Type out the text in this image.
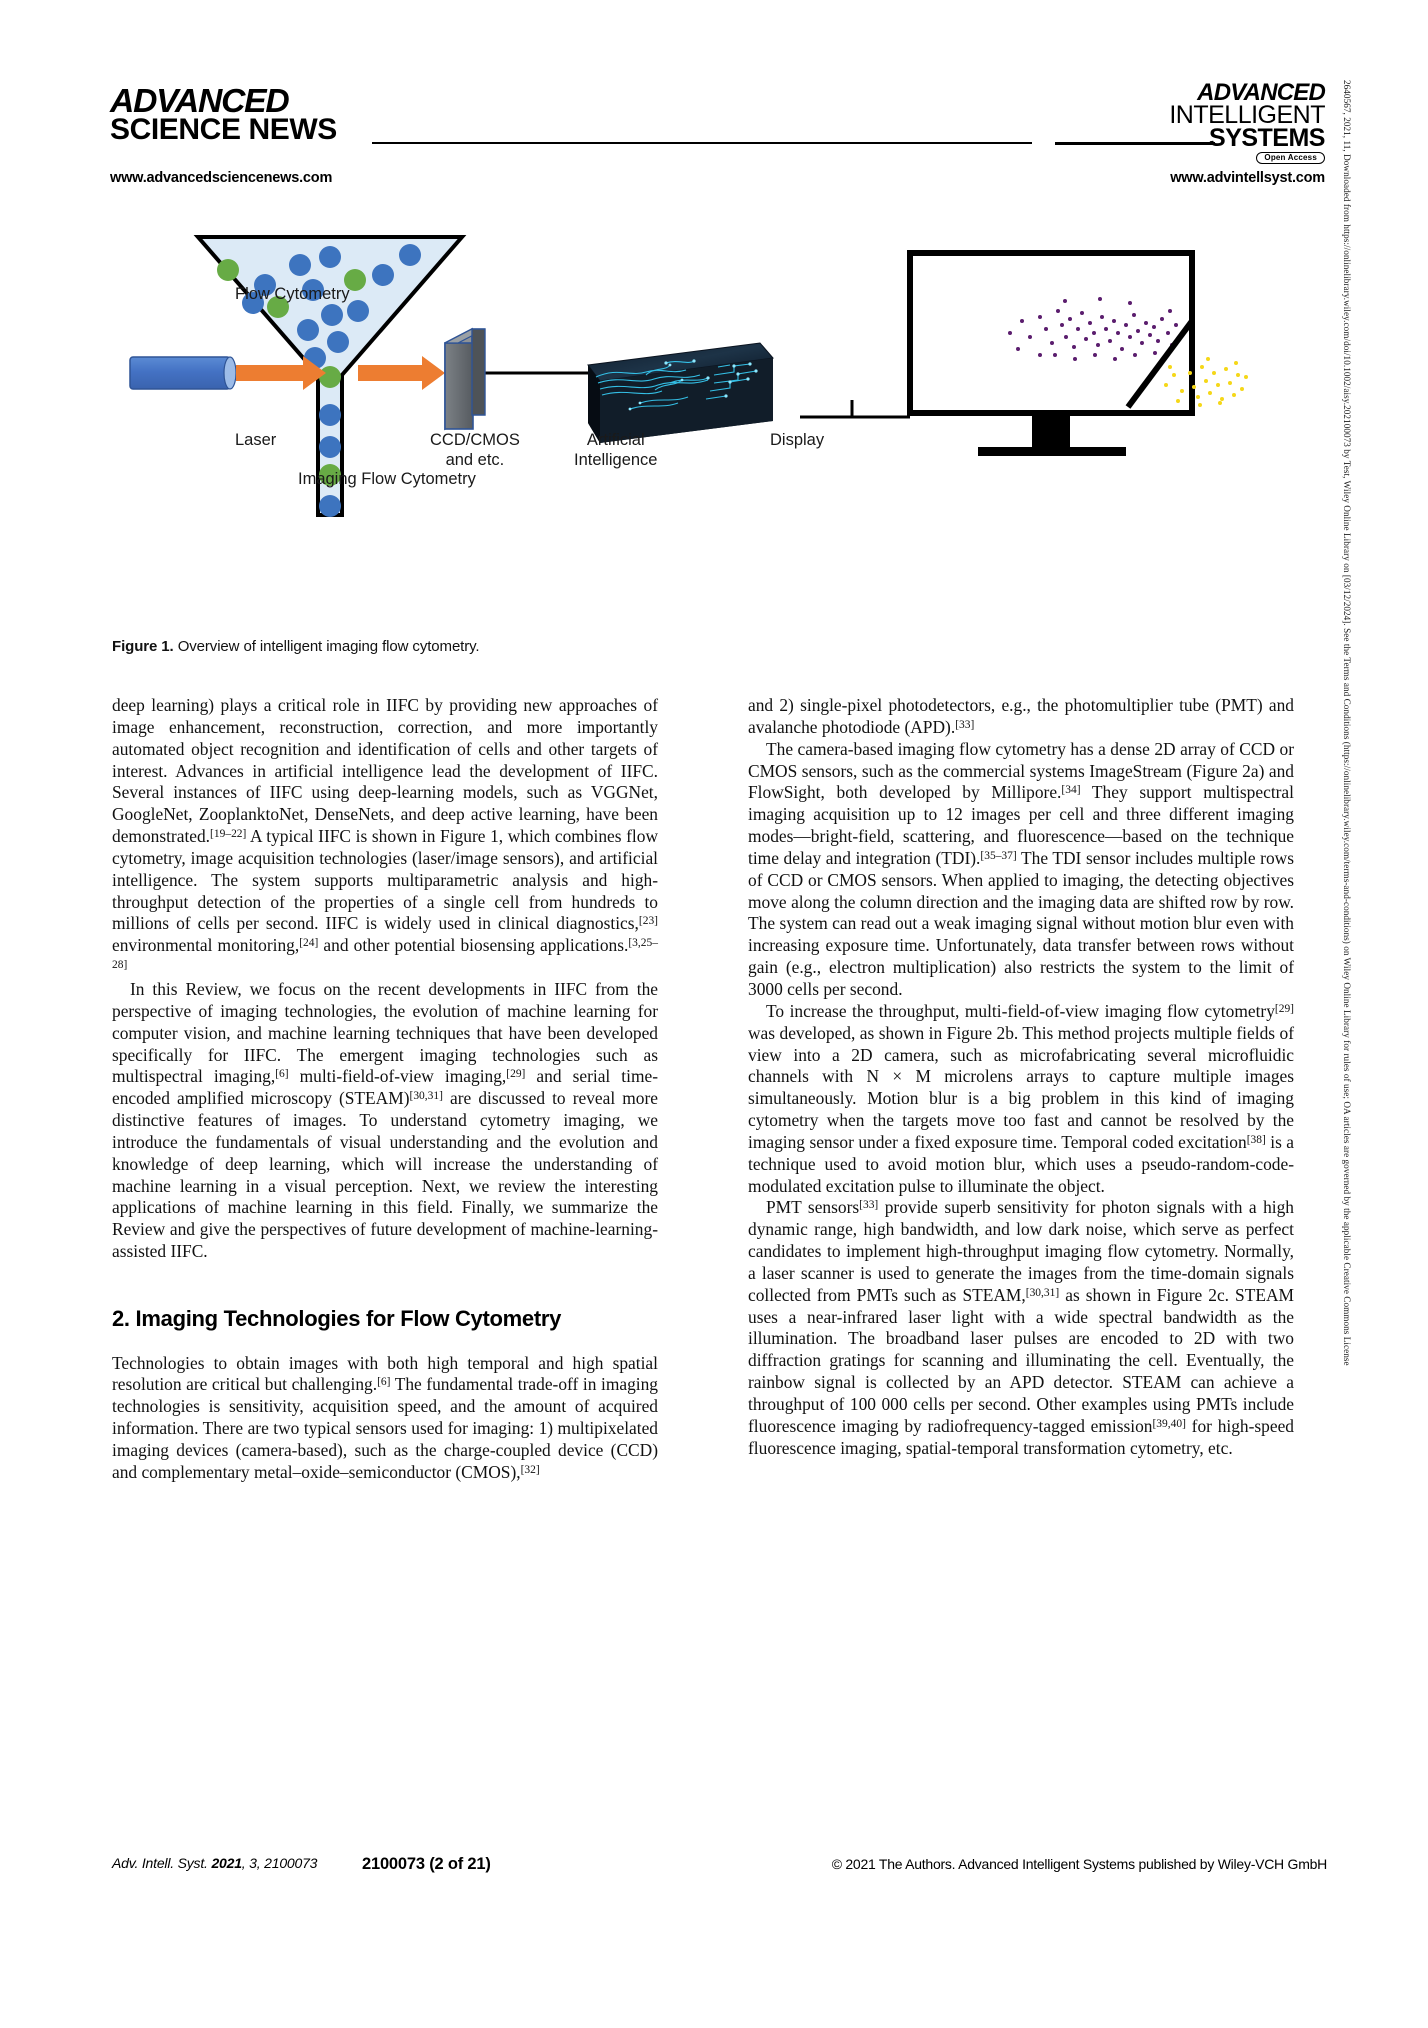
ADVANCED
SCIENCE NEWS
ADVANCED
INTELLIGENT
SYSTEMS
Open Access
www.advancedsciencenews.com	www.advintellsyst.com
Flow Cytometry
Laser
Imaging Flow Cytometry
CCD/CMOS
and etc.
Artificial
Intelligence
Display
Figure 1. Overview of intelligent imaging flow cytometry.

deep learning) plays a critical role in IIFC by providing new approaches of image enhancement, reconstruction, correction, and more importantly automated object recognition and identification of cells and other targets of interest. Advances in artificial intelligence lead the development of IIFC. Several instances of IIFC using deep-learning models, such as VGGNet, GoogleNet, ZooplanktoNet, DenseNets, and deep active learning, have been demonstrated.[19–22] A typical IIFC is shown in Figure 1, which combines flow cytometry, image acquisition technologies (laser/image sensors), and artificial intelligence. The system supports multiparametric analysis and high-throughput detection of the properties of a single cell from hundreds to millions of cells per second. IIFC is widely used in clinical diagnostics,[23] environmental monitoring,[24] and other potential biosensing applications.[3,25–28]

In this Review, we focus on the recent developments in IIFC from the perspective of imaging technologies, the evolution of machine learning for computer vision, and machine learning techniques that have been developed specifically for IIFC. The emergent imaging technologies such as multispectral imaging,[6] multi-field-of-view imaging,[29] and serial time-encoded amplified microscopy (STEAM)[30,31] are discussed to reveal more distinctive features of images. To understand cytometry imaging, we introduce the fundamentals of visual understanding and the evolution and knowledge of deep learning, which will increase the understanding of machine learning in a visual perception. Next, we review the interesting applications of machine learning in this field. Finally, we summarize the Review and give the perspectives of future development of machine-learning-assisted IIFC.

2. Imaging Technologies for Flow Cytometry

Technologies to obtain images with both high temporal and high spatial resolution are critical but challenging.[6] The fundamental trade-off in imaging technologies is sensitivity, acquisition speed, and the amount of acquired information. There are two typical sensors used for imaging: 1) multipixelated imaging devices (camera-based), such as the charge-coupled device (CCD) and complementary metal–oxide–semiconductor (CMOS),[32]

and 2) single-pixel photodetectors, e.g., the photomultiplier tube (PMT) and avalanche photodiode (APD).[33]

The camera-based imaging flow cytometry has a dense 2D array of CCD or CMOS sensors, such as the commercial systems ImageStream (Figure 2a) and FlowSight, both developed by Millipore.[34] They support multispectral imaging acquisition up to 12 images per cell and three different imaging modes—bright-field, scattering, and fluorescence—based on the technique time delay and integration (TDI).[35–37] The TDI sensor includes multiple rows of CCD or CMOS sensors. When applied to imaging, the detecting objectives move along the column direction and the imaging data are shifted row by row. The system can read out a weak imaging signal without motion blur even with increasing exposure time. Unfortunately, data transfer between rows without gain (e.g., electron multiplication) also restricts the system to the limit of 3000 cells per second.

To increase the throughput, multi-field-of-view imaging flow cytometry[29] was developed, as shown in Figure 2b. This method projects multiple fields of view into a 2D camera, such as microfabricating several microfluidic channels with N × M microlens arrays to capture multiple images simultaneously. Motion blur is a big problem in this kind of imaging cytometry when the targets move too fast and cannot be resolved by the imaging sensor under a fixed exposure time. Temporal coded excitation[38] is a technique used to avoid motion blur, which uses a pseudo-random-code-modulated excitation pulse to illuminate the object.

PMT sensors[33] provide superb sensitivity for photon signals with a high dynamic range, high bandwidth, and low dark noise, which serve as perfect candidates to implement high-throughput imaging flow cytometry. Normally, a laser scanner is used to generate the images from the time-domain signals collected from PMTs such as STEAM,[30,31] as shown in Figure 2c. STEAM uses a near-infrared laser light with a wide spectral bandwidth as the illumination. The broadband laser pulses are encoded to 2D with two diffraction gratings for scanning and illuminating the cell. Eventually, the rainbow signal is collected by an APD detector. STEAM can achieve a throughput of 100 000 cells per second. Other examples using PMTs include fluorescence imaging by radiofrequency-tagged emission[39,40] for high-speed fluorescence imaging, spatial-temporal transformation cytometry, etc.

Adv. Intell. Syst. 2021, 3, 2100073	2100073 (2 of 21)	© 2021 The Authors. Advanced Intelligent Systems published by Wiley-VCH GmbH
2640567, 2021, 11, Downloaded from https://onlinelibrary.wiley.com/doi/10.1002/aisy.202100073 by Test, Wiley Online Library on [03/12/2024]. See the Terms and Conditions (https://onlinelibrary.wiley.com/terms-and-conditions) on Wiley Online Library for rules of use; OA articles are governed by the applicable Creative Commons License
